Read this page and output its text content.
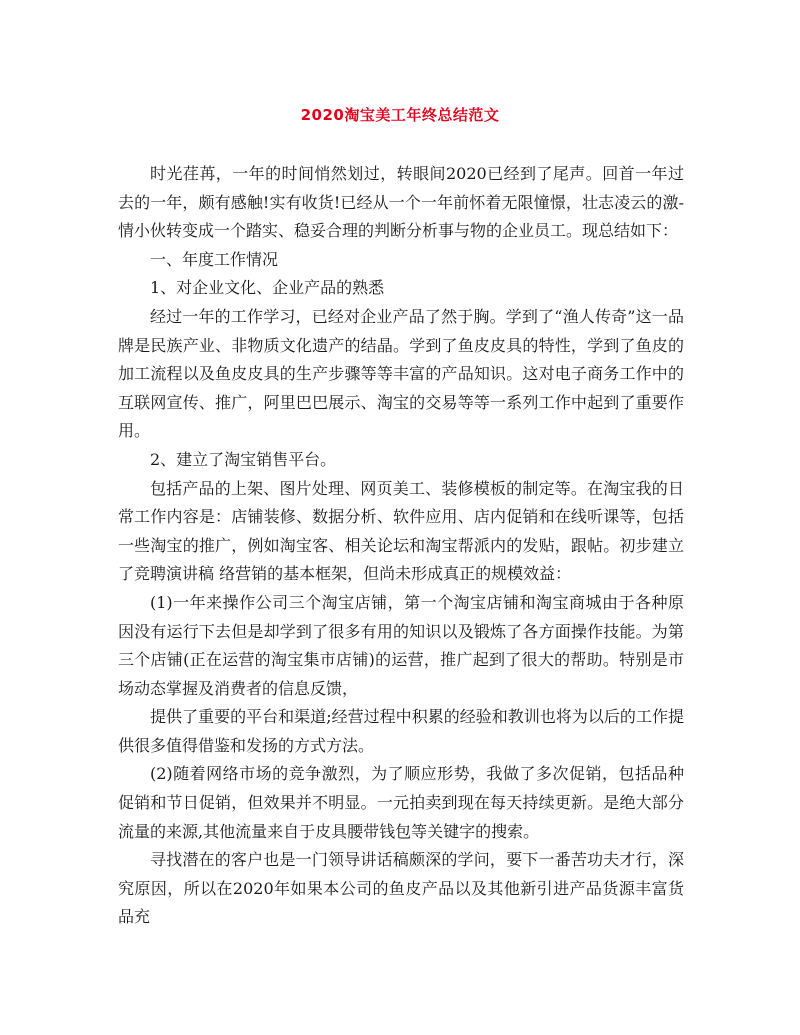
2020淘宝美工年终总结范文

时光荏苒，一年的时间悄然划过，转眼间2020已经到了尾声。回首一年过去的一年，颇有感触!实有收货!已经从一个一年前怀着无限憧憬，壮志凌云的激-情小伙转变成一个踏实、稳妥合理的判断分析事与物的企业员工。现总结如下：

一、年度工作情况

1、对企业文化、企业产品的熟悉

经过一年的工作学习，已经对企业产品了然于胸。学到了“渔人传奇”这一品牌是民族产业、非物质文化遗产的结晶。学到了鱼皮皮具的特性，学到了鱼皮的加工流程以及鱼皮皮具的生产步骤等等丰富的产品知识。这对电子商务工作中的互联网宣传、推广，阿里巴巴展示、淘宝的交易等等一系列工作中起到了重要作用。

2、建立了淘宝销售平台。

包括产品的上架、图片处理、网页美工、装修模板的制定等。在淘宝我的日常工作内容是：店铺装修、数据分析、软件应用、店内促销和在线听课等，包括一些淘宝的推广，例如淘宝客、相关论坛和淘宝帮派内的发贴，跟帖。初步建立了竞聘演讲稿 络营销的基本框架，但尚未形成真正的规模效益：

(1)一年来操作公司三个淘宝店铺，第一个淘宝店铺和淘宝商城由于各种原因没有运行下去但是却学到了很多有用的知识以及锻炼了各方面操作技能。为第三个店铺(正在运营的淘宝集市店铺)的运营，推广起到了很大的帮助。特别是市场动态掌握及消费者的信息反馈，

提供了重要的平台和渠道;经营过程中积累的经验和教训也将为以后的工作提供很多值得借鉴和发扬的方式方法。

(2)随着网络市场的竞争激烈，为了顺应形势，我做了多次促销，包括品种促销和节日促销，但效果并不明显。一元拍卖到现在每天持续更新。是绝大部分流量的来源,其他流量来自于皮具腰带钱包等关键字的搜索。

寻找潜在的客户也是一门领导讲话稿颇深的学问，要下一番苦功夫才行，深究原因，所以在2020年如果本公司的鱼皮产品以及其他新引进产品货源丰富货品充
